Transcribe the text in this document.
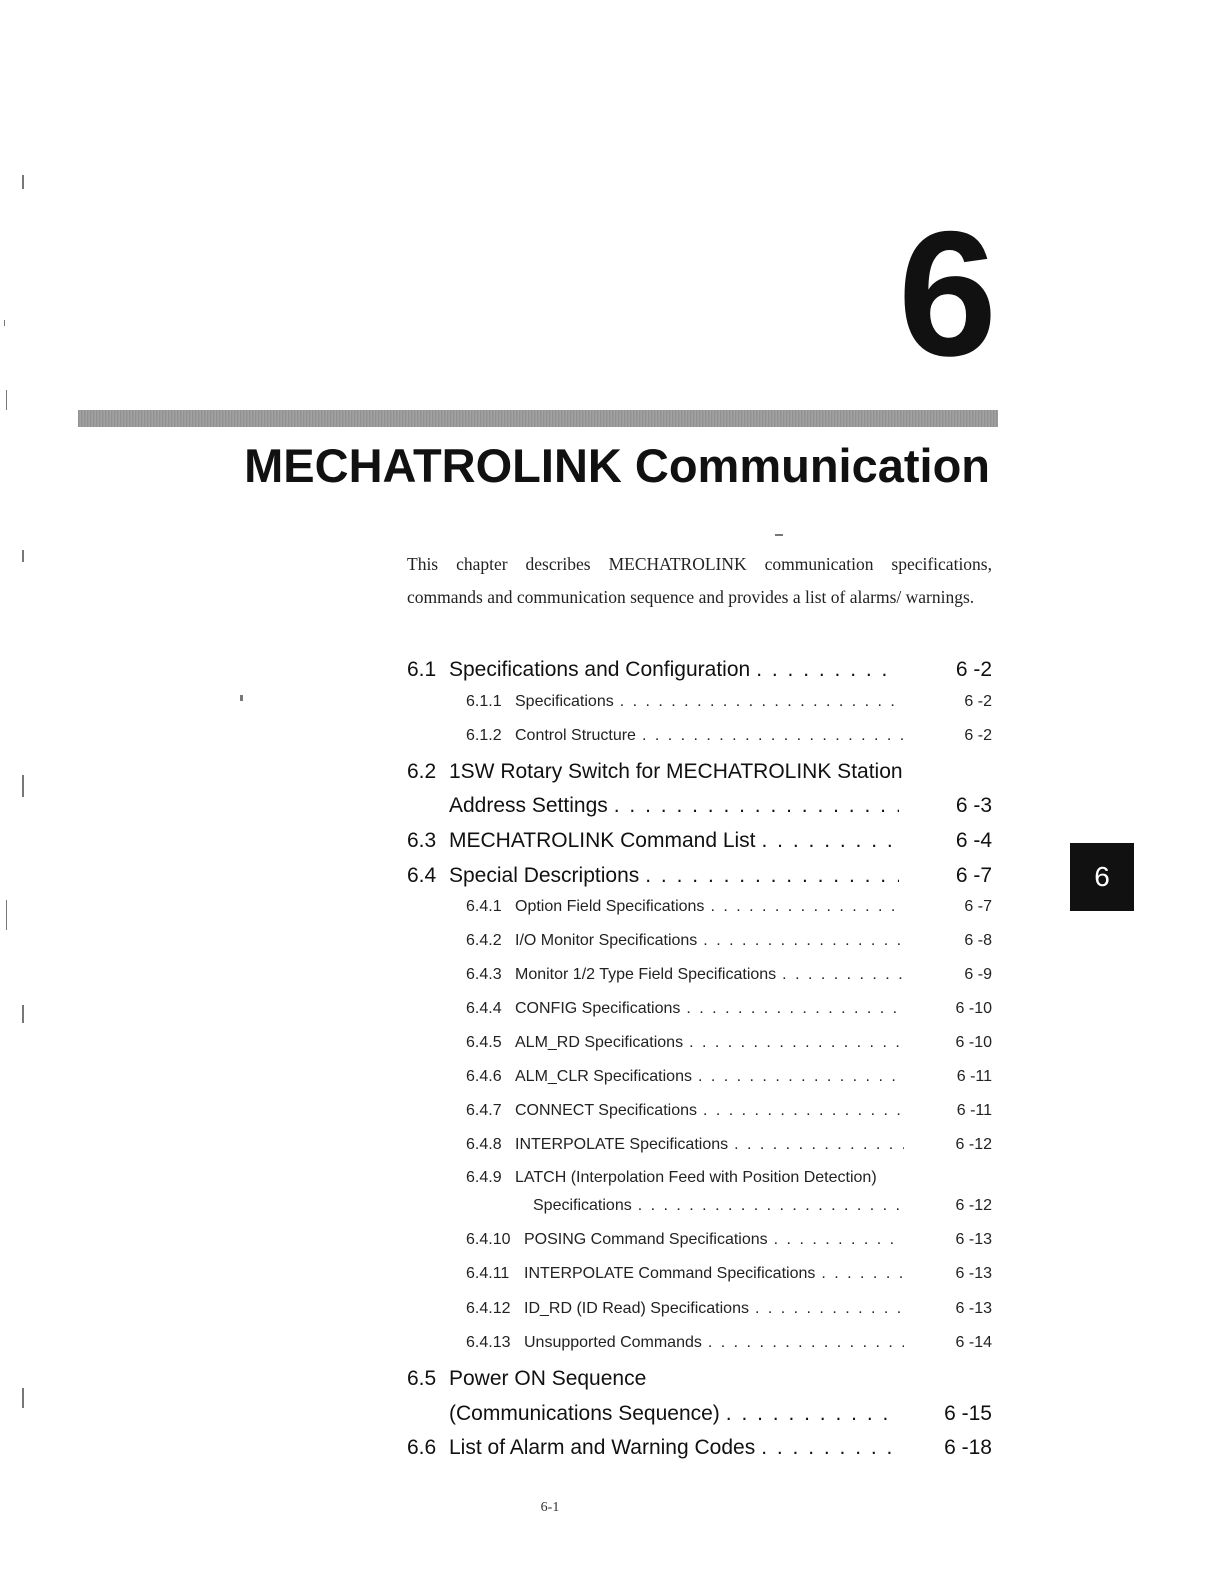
6
MECHATROLINK Communication
This chapter describes MECHATROLINK communication specifications, commands and communication sequence and provides a list of alarms/ warnings.
6.1 Specifications and Configuration . . .	6 -2
6.1.1 Specifications . . .	6 -2
6.1.2 Control Structure . . .	6 -2
6.2 1SW Rotary Switch for MECHATROLINK Station
Address Settings . . .	6 -3
6.3 MECHATROLINK Command List . . .	6 -4
6.4 Special Descriptions . . .	6 -7
6.4.1 Option Field Specifications . . .	6 -7
6.4.2 I/O Monitor Specifications . . .	6 -8
6.4.3 Monitor 1/2 Type Field Specifications . . .	6 -9
6.4.4 CONFIG Specifications . . .	6 -10
6.4.5 ALM_RD Specifications . . .	6 -10
6.4.6 ALM_CLR Specifications . . .	6 -11
6.4.7 CONNECT Specifications . . .	6 -11
6.4.8 INTERPOLATE Specifications . . .	6 -12
6.4.9 LATCH (Interpolation Feed with Position Detection)
Specifications . . .	6 -12
6.4.10 POSING Command Specifications . . .	6 -13
6.4.11 INTERPOLATE Command Specifications . . .	6 -13
6.4.12 ID_RD (ID Read) Specifications . . .	6 -13
6.4.13 Unsupported Commands . . .	6 -14
6.5 Power ON Sequence
(Communications Sequence) . . .	6 -15
6.6 List of Alarm and Warning Codes . . .	6 -18
6
6-1
